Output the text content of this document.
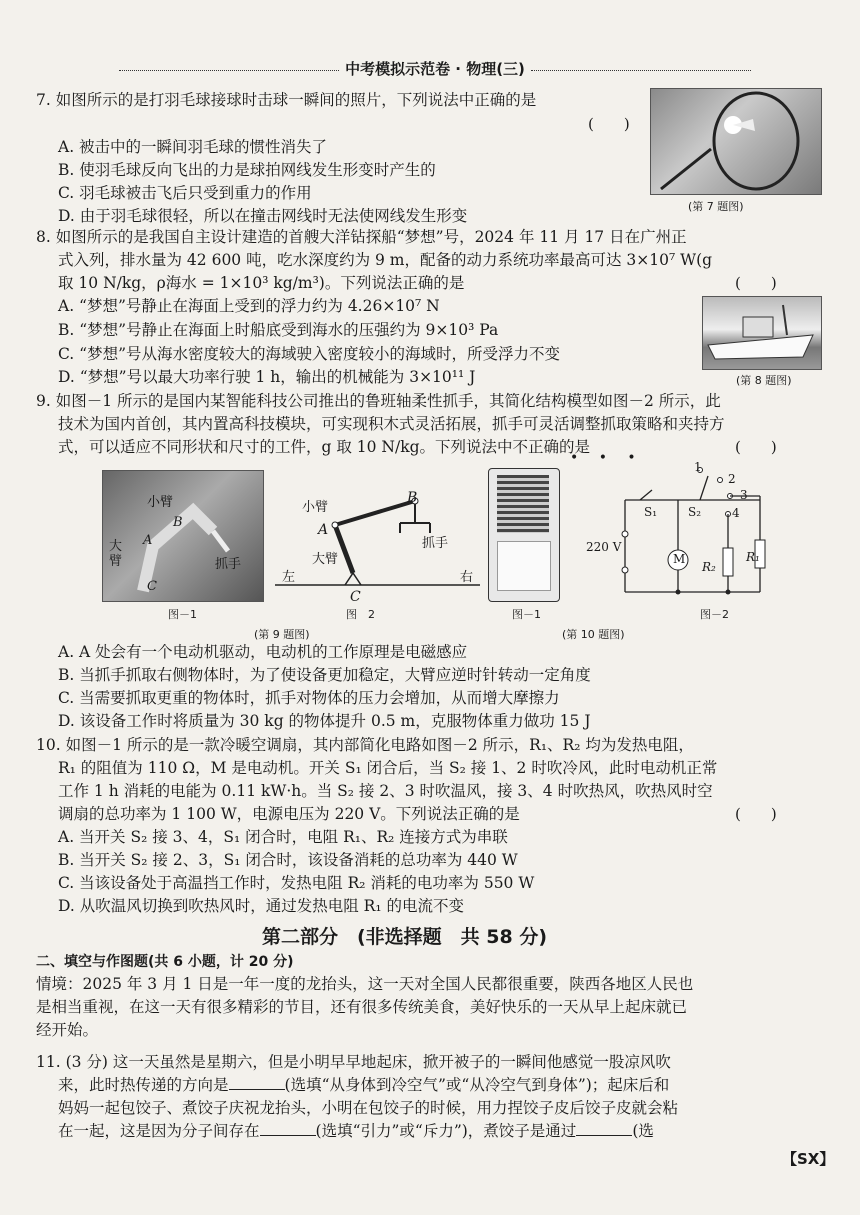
中考模拟示范卷 · 物理(三)
7. 如图所示的是打羽毛球接球时击球一瞬间的照片，下列说法中正确的是
(　　)
A. 被击中的一瞬间羽毛球的惯性消失了
B. 使羽毛球反向飞出的力是球拍网线发生形变时产生的
C. 羽毛球被击飞后只受到重力的作用
D. 由于羽毛球很轻，所以在撞击网线时无法使网线发生形变
(第 7 题图)
8. 如图所示的是我国自主设计建造的首艘大洋钻探船“梦想”号，2024 年 11 月 17 日在广州正
式入列，排水量为 42 600 吨，吃水深度约为 9 m，配备的动力系统功率最高可达 3×10⁷ W(g
取 10 N/kg，ρ海水 = 1×10³ kg/m³)。下列说法正确的是	(　　)
A. “梦想”号静止在海面上受到的浮力约为 4.26×10⁷ N
B. “梦想”号静止在海面上时船底受到海水的压强约为 9×10³ Pa
C. “梦想”号从海水密度较大的海域驶入密度较小的海域时，所受浮力不变
D. “梦想”号以最大功率行驶 1 h，输出的机械能为 3×10¹¹ J	(第 8 题图)
9. 如图－1 所示的是国内某智能科技公司推出的鲁班轴柔性抓手，其简化结构模型如图－2 所示，此
技术为国内首创，其内置高科技模块，可实现积木式灵活拓展，抓手可灵活调整抓取策略和夹持方
式，可以适应不同形状和尺寸的工件，g 取 10 N/kg。下列说法中不正确的是
• • •
(　　)
小臂
B
A
大臂	抓手
C
图－1
小臂
A
B
大臂
抓手
C
左	右
图　2
(第 9 题图)
图－1
1
2
3
4
S₁	S₂
220 V
M
R₂
R₁
图－2
(第 10 题图)
A. A 处会有一个电动机驱动，电动机的工作原理是电磁感应
B. 当抓手抓取右侧物体时，为了使设备更加稳定，大臂应逆时针转动一定角度
C. 当需要抓取更重的物体时，抓手对物体的压力会增加，从而增大摩擦力
D. 该设备工作时将质量为 30 kg 的物体提升 0.5 m，克服物体重力做功 15 J
10. 如图－1 所示的是一款冷暖空调扇，其内部简化电路如图－2 所示，R₁、R₂ 均为发热电阻，
R₁ 的阻值为 110 Ω，M 是电动机。开关 S₁ 闭合后，当 S₂ 接 1、2 时吹冷风，此时电动机正常
工作 1 h 消耗的电能为 0.11 kW·h。当 S₂ 接 2、3 时吹温风，接 3、4 时吹热风，吹热风时空
调扇的总功率为 1 100 W，电源电压为 220 V。下列说法正确的是	(　　)
A. 当开关 S₂ 接 3、4，S₁ 闭合时，电阻 R₁、R₂ 连接方式为串联
B. 当开关 S₂ 接 2、3，S₁ 闭合时，该设备消耗的总功率为 440 W
C. 当该设备处于高温挡工作时，发热电阻 R₂ 消耗的电功率为 550 W
D. 从吹温风切换到吹热风时，通过发热电阻 R₁ 的电流不变
第二部分　(非选择题　共 58 分)
二、填空与作图题(共 6 小题，计 20 分)
情境：2025 年 3 月 1 日是一年一度的龙抬头，这一天对全国人民都很重要，陕西各地区人民也
是相当重视，在这一天有很多精彩的节目，还有很多传统美食，美好快乐的一天从早上起床就已
经开始。
11. (3 分) 这一天虽然是星期六，但是小明早早地起床，掀开被子的一瞬间他感觉一股凉风吹
来，此时热传递的方向是	(选填“从身体到冷空气”或“从冷空气到身体”)；起床后和
妈妈一起包饺子、煮饺子庆祝龙抬头，小明在包饺子的时候，用力捏饺子皮后饺子皮就会粘
在一起，这是因为分子间存在	(选填“引力”或“斥力”)，煮饺子是通过	(选
【SX】
